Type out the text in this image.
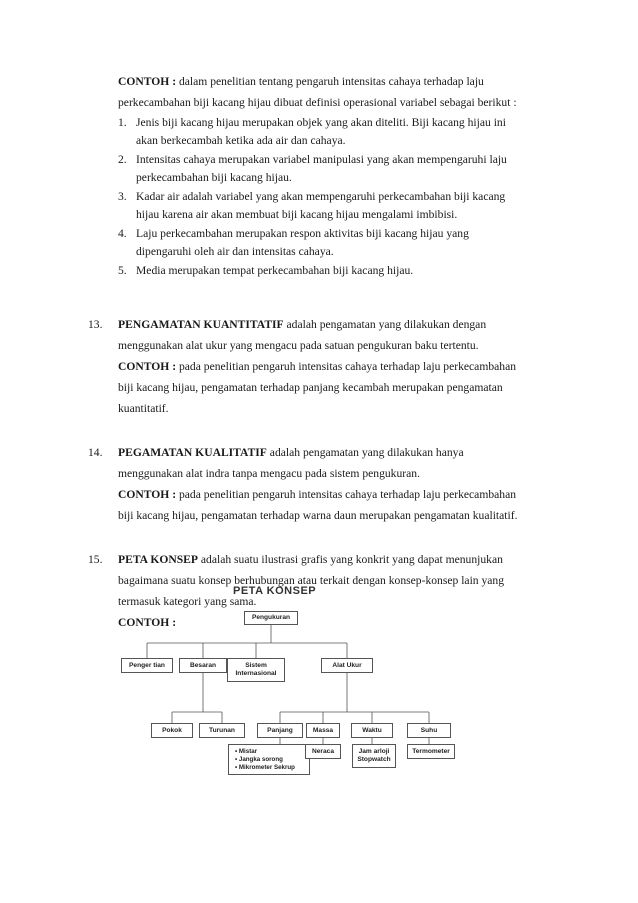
CONTOH : dalam penelitian tentang pengaruh intensitas cahaya terhadap laju
perkecambahan biji kacang hijau dibuat definisi operasional variabel sebagai berikut :
1. Jenis biji kacang hijau merupakan objek yang akan diteliti. Biji kacang hijau ini
akan berkecambah ketika ada air dan cahaya.
2. Intensitas cahaya merupakan variabel manipulasi yang akan mempengaruhi laju
perkecambahan biji kacang hijau.
3. Kadar air adalah variabel yang akan mempengaruhi perkecambahan biji kacang
hijau karena air akan membuat biji kacang hijau mengalami imbibisi.
4. Laju perkecambahan merupakan respon aktivitas biji kacang hijau yang
dipengaruhi oleh air dan intensitas cahaya.
5. Media merupakan tempat perkecambahan biji kacang hijau.
13. PENGAMATAN KUANTITATIF adalah pengamatan yang dilakukan dengan
menggunakan alat ukur yang mengacu pada satuan pengukuran baku tertentu.
CONTOH : pada penelitian pengaruh intensitas cahaya terhadap laju perkecambahan
biji kacang hijau, pengamatan terhadap panjang kecambah merupakan pengamatan
kuantitatif.
14. PEGAMATAN KUALITATIF adalah pengamatan yang dilakukan hanya
menggunakan alat indra tanpa mengacu pada sistem pengukuran.
CONTOH : pada penelitian pengaruh intensitas cahaya terhadap laju perkecambahan
biji kacang hijau, pengamatan terhadap warna daun merupakan pengamatan kualitatif.
15. PETA KONSEP adalah suatu ilustrasi grafis yang konkrit yang dapat menunjukan
bagaimana suatu konsep berhubungan atau terkait dengan konsep-konsep lain yang
termasuk kategori yang sama.
CONTOH :
PETA KONSEP
Pengukuran
Penger tian	Besaran	Sistem
Internasional
Alat Ukur
Pokok	Turunan	Panjang	Massa	Waktu	Suhu
• Mistar
• Jangka sorong
• Mikrometer Sekrup
Neraca	Jam arloji
Stopwatch
Termometer
